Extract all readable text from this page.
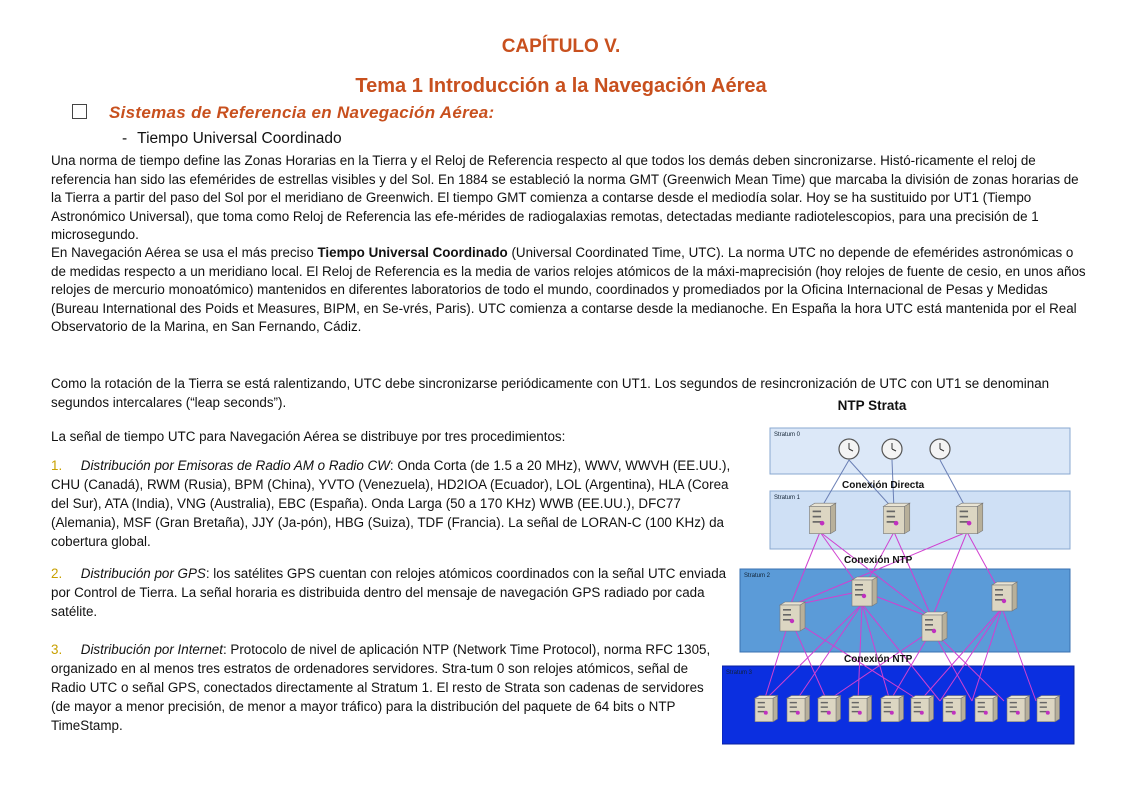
CAPÍTULO V.
Tema 1 Introducción a la Navegación Aérea
Sistemas de Referencia en Navegación Aérea:
- Tiempo Universal Coordinado

Una norma de tiempo define las Zonas Horarias en la Tierra y el Reloj de Referencia respecto al que todos los demás deben sincronizarse. Histó-ricamente el reloj de referencia han sido las efemérides de estrellas visibles y del Sol. En 1884 se estableció la norma GMT (Greenwich Mean Time) que marcaba la división de zonas horarias de la Tierra a partir del paso del Sol por el meridiano de Greenwich. El tiempo GMT comienza a contarse desde el mediodía solar. Hoy se ha sustituido por UT1 (Tiempo Astronómico Universal), que toma como Reloj de Referencia las efe-mérides de radiogalaxias remotas, detectadas mediante radiotelescopios, para una precisión de 1 microsegundo.

En Navegación Aérea se usa el más preciso Tiempo Universal Coordinado (Universal Coordinated Time, UTC). La norma UTC no depende de efemérides astronómicas o de medidas respecto a un meridiano local. El Reloj de Referencia es la media de varios relojes atómicos de la máxi-maprecisión (hoy relojes de fuente de cesio, en unos años relojes de mercurio monoatómico) mantenidos en diferentes laboratorios de todo el mundo, coordinados y promediados por la Oficina Internacional de Pesas y Medidas (Bureau International des Poids et Measures, BIPM, en Se-vrés, Paris). UTC comienza a contarse desde la medianoche. En España la hora UTC está mantenida por el Real Observatorio de la Marina, en San Fernando, Cádiz.

Como la rotación de la Tierra se está ralentizando, UTC debe sincronizarse periódicamente con UT1. Los segundos de resincronización de UTC con UT1 se denominan segundos intercalares (“leap seconds”).

La señal de tiempo UTC para Navegación Aérea se distribuye por tres procedimientos:

1. Distribución por Emisoras de Radio AM o Radio CW: Onda Corta (de 1.5 a 20 MHz), WWV, WWVH (EE.UU.), CHU (Canadá), RWM (Rusia), BPM (China), YVTO (Venezuela), HD2IOA (Ecuador), LOL (Argentina), HLA (Corea del Sur), ATA (India), VNG (Australia), EBC (España). Onda Larga (50 a 170 KHz) WWB (EE.UU.), DFC77 (Alemania), MSF (Gran Bretaña), JJY (Ja-pón), HBG (Suiza), TDF (Francia). La señal de LORAN-C (100 KHz) da cobertura global.
2. Distribución por GPS: los satélites GPS cuentan con relojes atómicos coordinados con la señal UTC enviada por Control de Tierra. La señal horaria es distribuida dentro del mensaje de navegación GPS radiado por cada satélite.
3. Distribución por Internet: Protocolo de nivel de aplicación NTP (Network Time Protocol), norma RFC 1305, organizado en al menos tres estratos de ordenadores servidores. Stra-tum 0 son relojes atómicos, señal de Radio UTC o señal GPS, conectados directamente al Stratum 1. El resto de Strata son cadenas de servidores (de mayor a menor precisión, de menor a mayor tráfico) para la distribución del paquete de 64 bits o NTP TimeStamp.
NTP Strata
Stratum 0
Stratum 1
Stratum 2
Stratum 3
Conexión Directa
Conexión NTP
Conexión NTP
